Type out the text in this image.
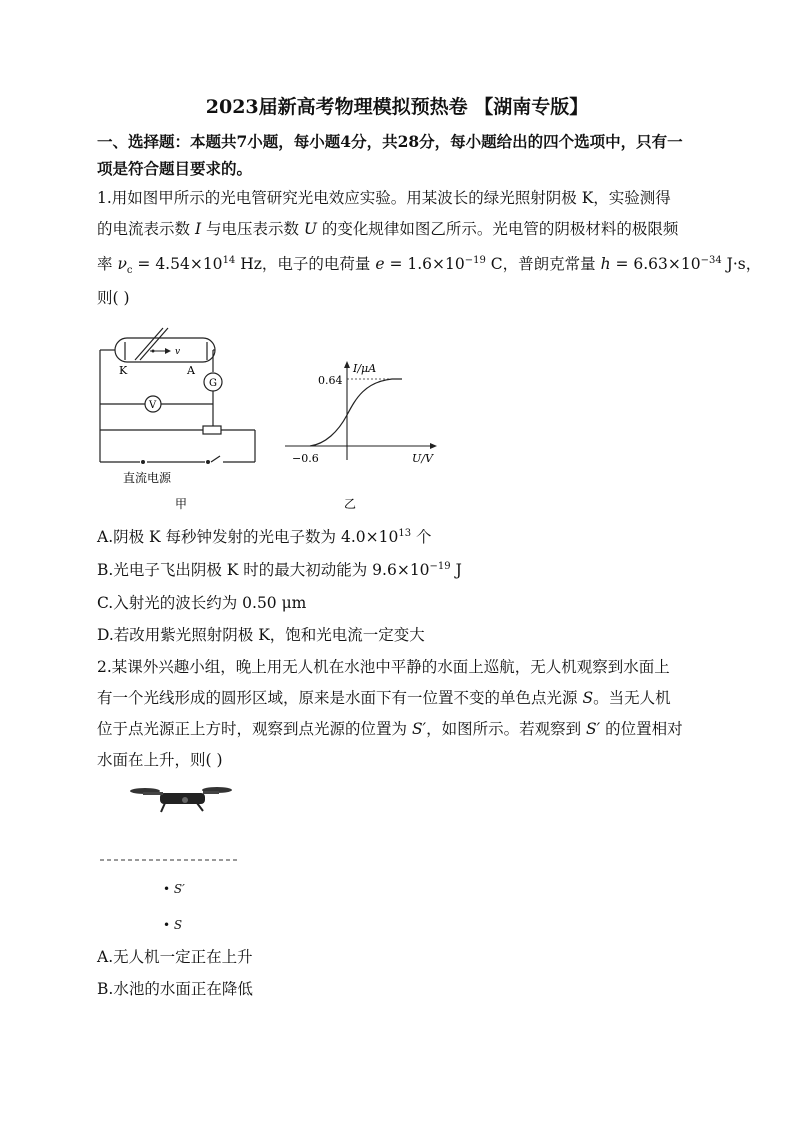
2023届新高考物理模拟预热卷 【湖南专版】
一、选择题：本题共7小题，每小题4分，共28分，每小题给出的四个选项中，只有一
项是符合题目要求的。
1.用如图甲所示的光电管研究光电效应实验。用某波长的绿光照射阴极 K，实验测得
的电流表示数 I 与电压表示数 U 的变化规律如图乙所示。光电管的阴极材料的极限频
率 $\nu_c = 4.54\times 10^{14}$ Hz，电子的电荷量 $e = 1.6\times 10^{-19}$ C，普朗克常量 $h = 6.63\times 10^{-34}$ J·s，
则( )
v
K	A
G
V
直流电源
甲
I/μA
0.64
−0.6	U/V
乙
A.阴极 K 每秒钟发射的光电子数为 $4.0\times 10^{13}$ 个
B.光电子飞出阴极 K 时的最大初动能为 $9.6\times 10^{-19}$ J
C.入射光的波长约为 0.50 μm
D.若改用紫光照射阴极 K，饱和光电流一定变大
2.某课外兴趣小组，晚上用无人机在水池中平静的水面上巡航，无人机观察到水面上
有一个光线形成的圆形区域，原来是水面下有一位置不变的单色点光源 S。当无人机
位于点光源正上方时，观察到点光源的位置为 S′，如图所示。若观察到 S′ 的位置相对
水面在上升，则( )
• S′
• S
A.无人机一定正在上升
B.水池的水面正在降低
